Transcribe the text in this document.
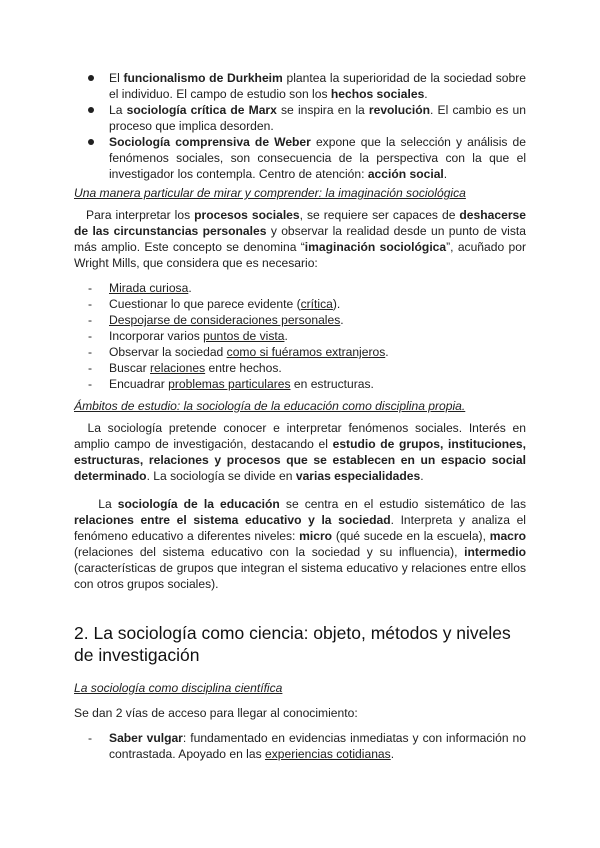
El funcionalismo de Durkheim plantea la superioridad de la sociedad sobre el individuo. El campo de estudio son los hechos sociales.
La sociología crítica de Marx se inspira en la revolución. El cambio es un proceso que implica desorden.
Sociología comprensiva de Weber expone que la selección y análisis de fenómenos sociales, son consecuencia de la perspectiva con la que el investigador los contempla. Centro de atención: acción social.

Una manera particular de mirar y comprender: la imaginación sociológica

Para interpretar los procesos sociales, se requiere ser capaces de deshacerse de las circunstancias personales y observar la realidad desde un punto de vista más amplio. Este concepto se denomina “imaginación sociológica”, acuñado por Wright Mills, que considera que es necesario:

- Mirada curiosa.
- Cuestionar lo que parece evidente (crítica).
- Despojarse de consideraciones personales.
- Incorporar varios puntos de vista.
- Observar la sociedad como si fuéramos extranjeros.
- Buscar relaciones entre hechos.
- Encuadrar problemas particulares en estructuras.

Ámbitos de estudio: la sociología de la educación como disciplina propia.

La sociología pretende conocer e interpretar fenómenos sociales. Interés en amplio campo de investigación, destacando el estudio de grupos, instituciones, estructuras, relaciones y procesos que se establecen en un espacio social determinado. La sociología se divide en varias especialidades.

La sociología de la educación se centra en el estudio sistemático de las relaciones entre el sistema educativo y la sociedad. Interpreta y analiza el fenómeno educativo a diferentes niveles: micro (qué sucede en la escuela), macro (relaciones del sistema educativo con la sociedad y su influencia), intermedio (características de grupos que integran el sistema educativo y relaciones entre ellos con otros grupos sociales).

2. La sociología como ciencia: objeto, métodos y niveles de investigación

La sociología como disciplina científica

Se dan 2 vías de acceso para llegar al conocimiento:

- Saber vulgar: fundamentado en evidencias inmediatas y con información no contrastada. Apoyado en las experiencias cotidianas.
